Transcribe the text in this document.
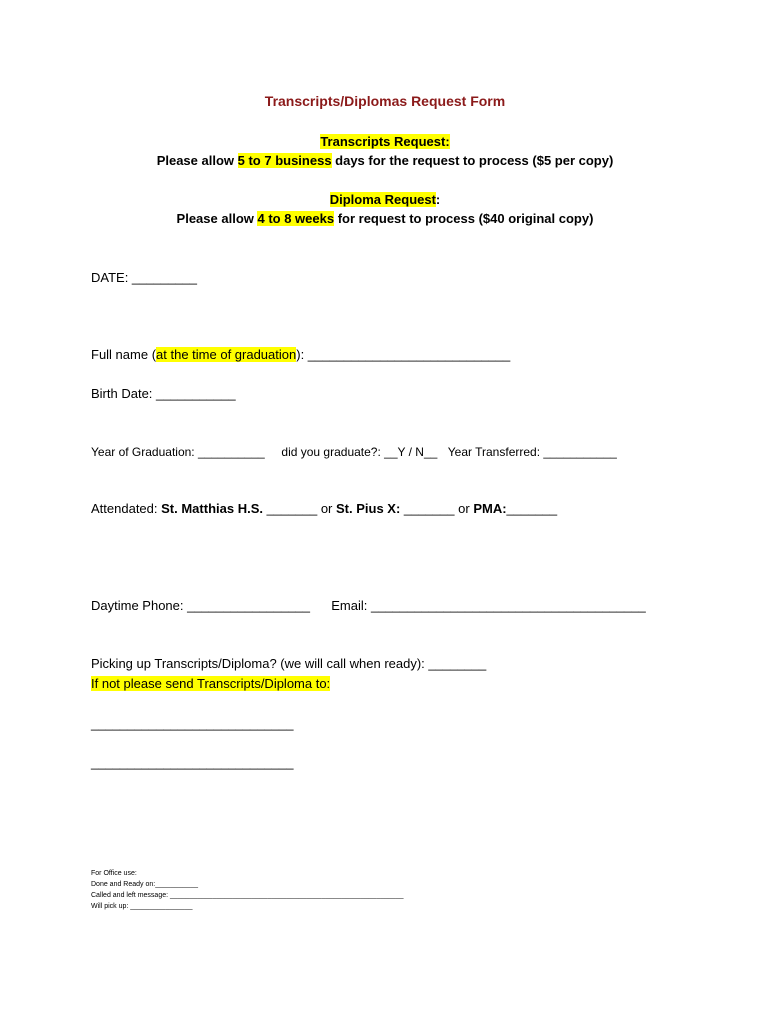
Transcripts/Diplomas Request Form
Transcripts Request:
Please allow 5 to 7 business days for the request to process ($5 per copy)
Diploma Request:
Please allow 4 to 8 weeks for request to process ($40 original copy)
DATE: _________
Full name (at the time of graduation): ____________________________
Birth Date: ___________
Year of Graduation: __________ did you graduate?: __Y / N__ Year Transferred: ___________
Attendated: St. Matthias H.S. _______ or St. Pius X: _______ or PMA:_______
Daytime Phone: _________________ Email: ______________________________________
Picking up Transcripts/Diploma? (we will call when ready): ________
If not please send Transcripts/Diploma to:
____________________________
____________________________
For Office use:
Done and Ready on:___________
Called and left message: ____________________________________________________________
Will pick up: ________________
